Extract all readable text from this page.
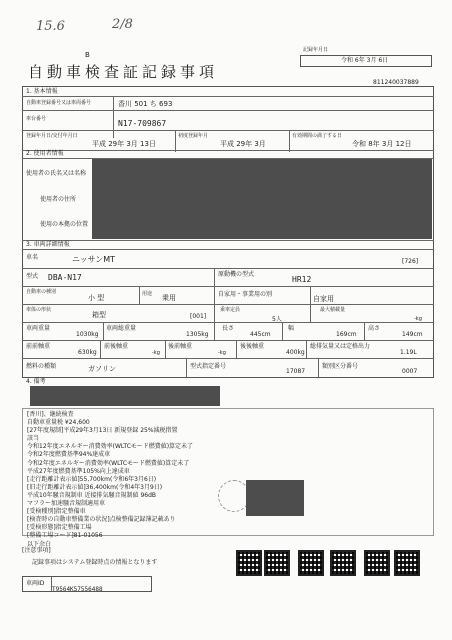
15.6	2/8
B
自動車検査証記録事項
記録年月日
令和 6年 3月 6日
811240037889
1. 基本情報
自動車登録番号又は車両番号	香川 501 ち 693
車台番号	N17-709867
登録年月日/交付年月日
平成 29年 3月 13日
初度登録年月
平成 29年 3月
有効期間の満了する日
令和 8年 3月 12日
2. 使用者情報
使用者の氏名又は名称
使用者の住所
使用の本拠の位置
3. 車両詳細情報
車名	ニッサンMT	[726]
型式 DBA-N17	原動機の型式
HR12
自動車の種別
小 型	用途 乗用	自家用・事業用の別
自家用
車体の形状
箱型	[001]
乗車定員
5人
最大積載量
-kg
車両重量
1030kg
車両総重量
1305kg
長さ
445cm
幅
169cm
高さ
149cm
前前軸重
630kg
前後軸重
-kg
後前軸重
-kg
後後軸重
400kg
総排気量又は定格出力
1.19L
燃料の種類	ガソリン	型式指定番号
17087
類別区分番号
0007
4. 備考
[香川]、継続検査
自動車重量税 ¥24,600
[27年度規制]平成29年3月13日 新規登録 25%減税措置
該当
令和12年度エネルギー消費効率(WLTCモード燃費値)算定未了
令和2年度燃費基準94%達成車
令和2年度エネルギー消費効率(WLTCモード燃費値)算定未了
平成27年度燃費基準105%向上達成車
[走行距離計表示値]55,700km(令和6年3月6日)
[旧走行距離計表示値]36,400km(令和4年3月9日)
平成10年騒音規制車 近接排気騒音規制値 96dB
マフラー加速騒音規制適用車
[受検種別]指定整備車
[検査時の自動車整備業の状況]点検整備記録簿記載あり
[受検形態]指定整備工場
[整備工場コード]81-01056
以下余白
[注意事項]
記録事項はシステム登録時点の情報となります
車両ID
T9564K57556488
